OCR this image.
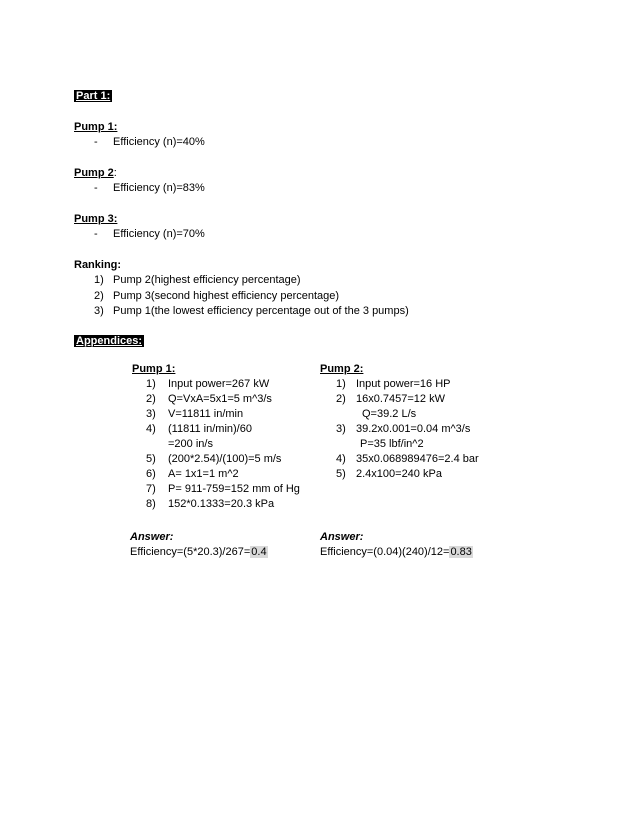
Part 1:
Pump 1:
- Efficiency (n)=40%
Pump 2:
- Efficiency (n)=83%
Pump 3:
- Efficiency (n)=70%
Ranking:
1) Pump 2(highest efficiency percentage)
2) Pump 3(second highest efficiency percentage)
3) Pump 1(the lowest efficiency percentage out of the 3 pumps)
Appendices:
Pump 1:
1) Input power=267 kW
2) Q=VxA=5x1=5 m^3/s
3) V=11811 in/min
4) (11811 in/min)/60
=200 in/s
5) (200*2.54)/(100)=5 m/s
6) A= 1x1=1 m^2
7) P= 911-759=152 mm of Hg
8) 152*0.1333=20.3 kPa
Answer:
Efficiency=(5*20.3)/267=0.4
Pump 2:
1) Input power=16 HP
2) 16x0.7457=12 kW
Q=39.2 L/s
3) 39.2x0.001=0.04 m^3/s
P=35 lbf/in^2
4) 35x0.068989476=2.4 bar
5) 2.4x100=240 kPa
Answer:
Efficiency=(0.04)(240)/12=0.83
